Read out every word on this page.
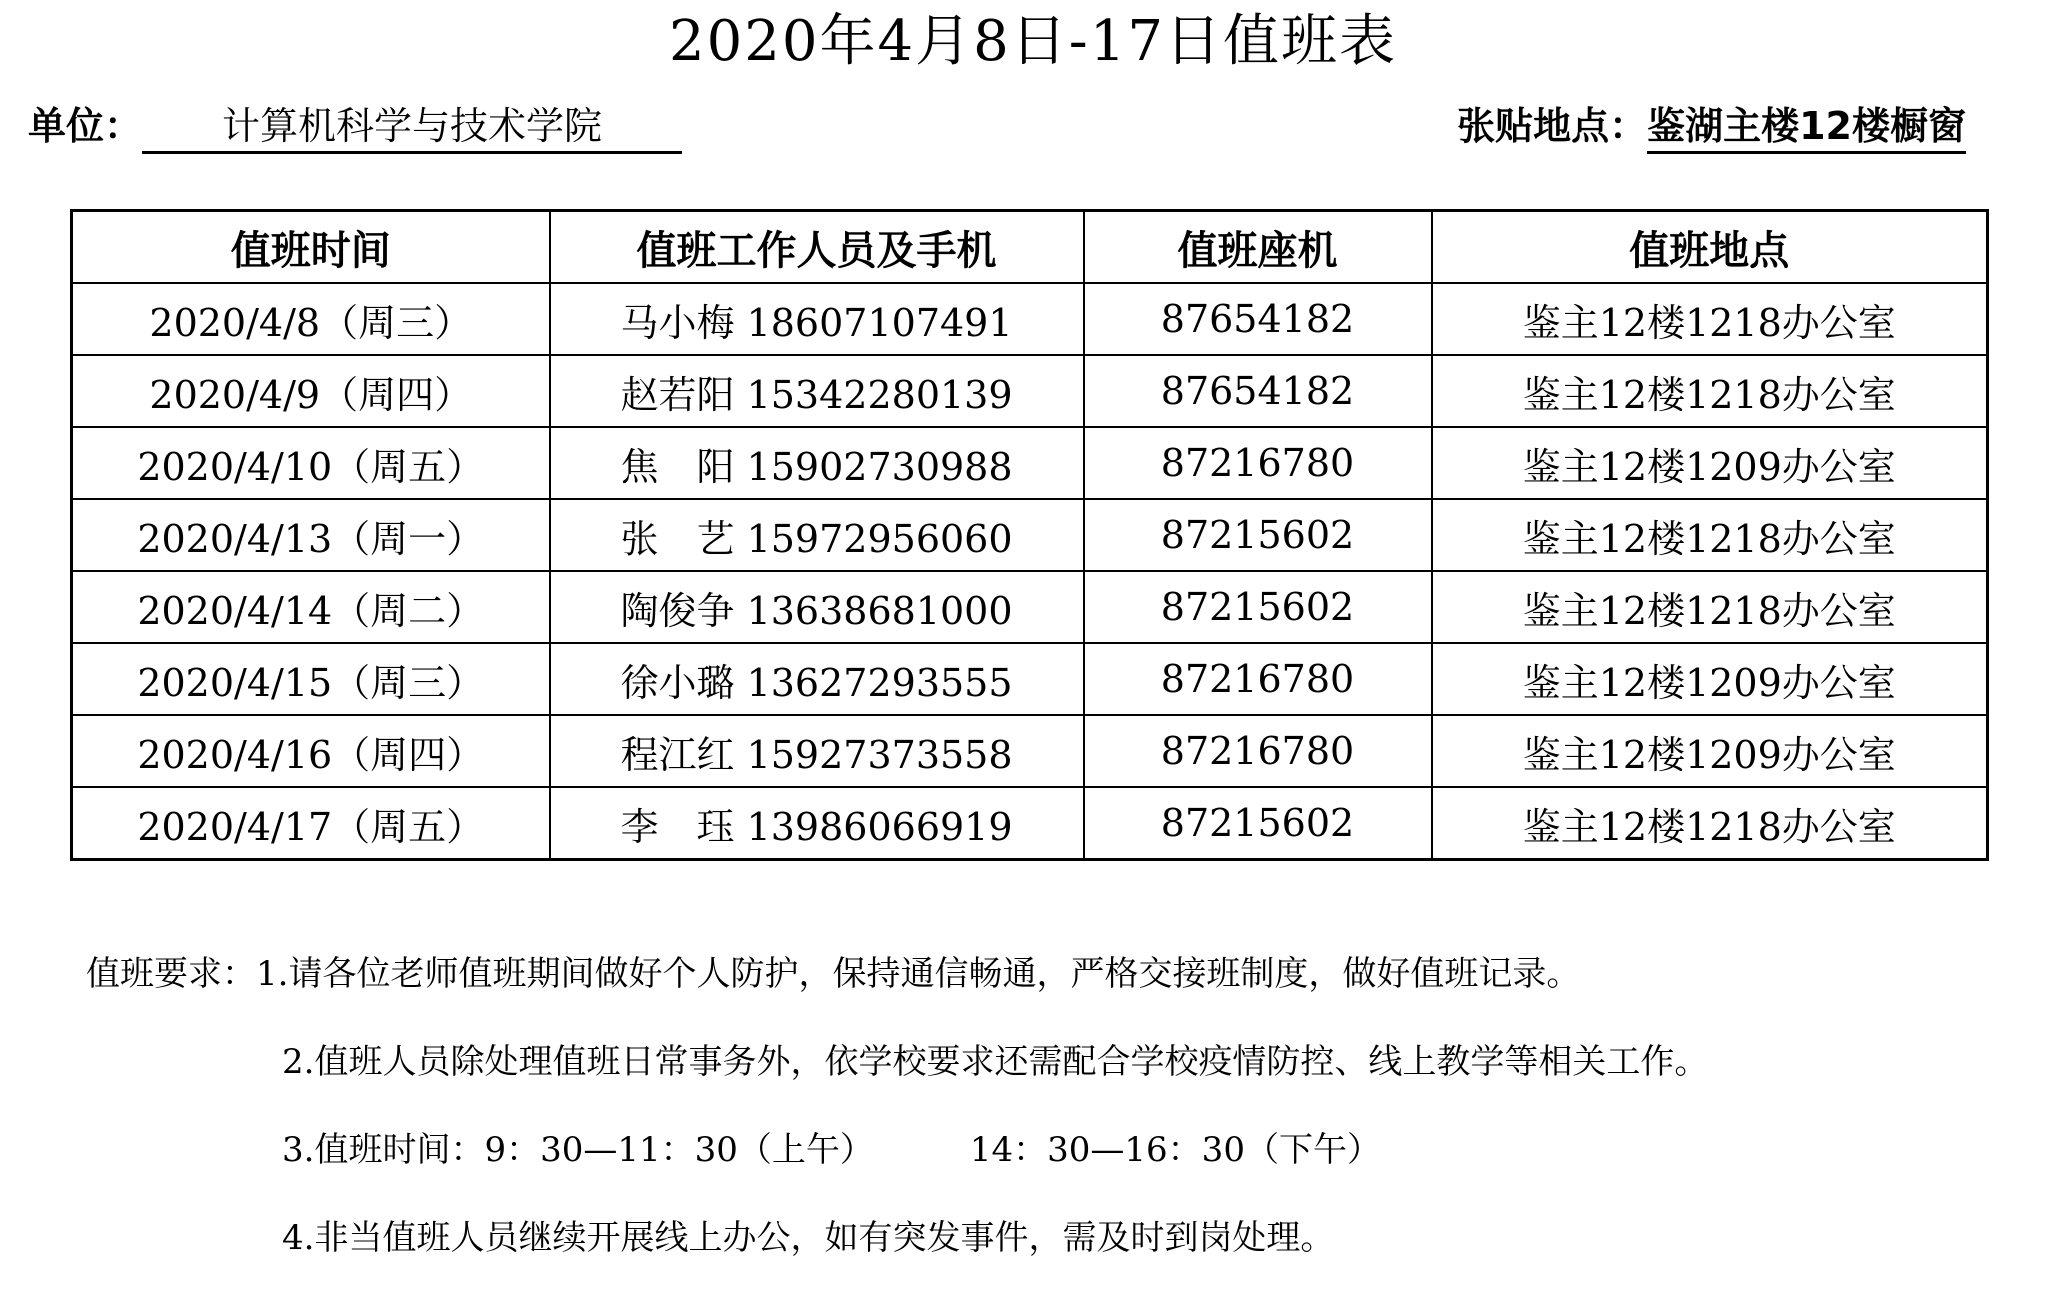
2020年4月8日-17日值班表
单位：	计算机科学与技术学院	张贴地点： 鉴湖主楼12楼橱窗
值班时间	值班工作人员及手机	值班座机	值班地点
2020/4/8（周三）	马小梅 18607107491	87654182	鉴主12楼1218办公室
2020/4/9（周四）	赵若阳 15342280139	87654182	鉴主12楼1218办公室
2020/4/10（周五）	焦　阳 15902730988	87216780	鉴主12楼1209办公室
2020/4/13（周一）	张　艺 15972956060	87215602	鉴主12楼1218办公室
2020/4/14（周二）	陶俊争 13638681000	87215602	鉴主12楼1218办公室
2020/4/15（周三）	徐小璐 13627293555	87216780	鉴主12楼1209办公室
2020/4/16（周四）	程江红 15927373558	87216780	鉴主12楼1209办公室
2020/4/17（周五）	李　珏 13986066919	87215602	鉴主12楼1218办公室
值班要求：1.请各位老师值班期间做好个人防护，保持通信畅通，严格交接班制度，做好值班记录。
2.值班人员除处理值班日常事务外，依学校要求还需配合学校疫情防控、线上教学等相关工作。
3.值班时间：9：30—11：30（上午）	14：30—16：30（下午）
4.非当值班人员继续开展线上办公，如有突发事件，需及时到岗处理。
